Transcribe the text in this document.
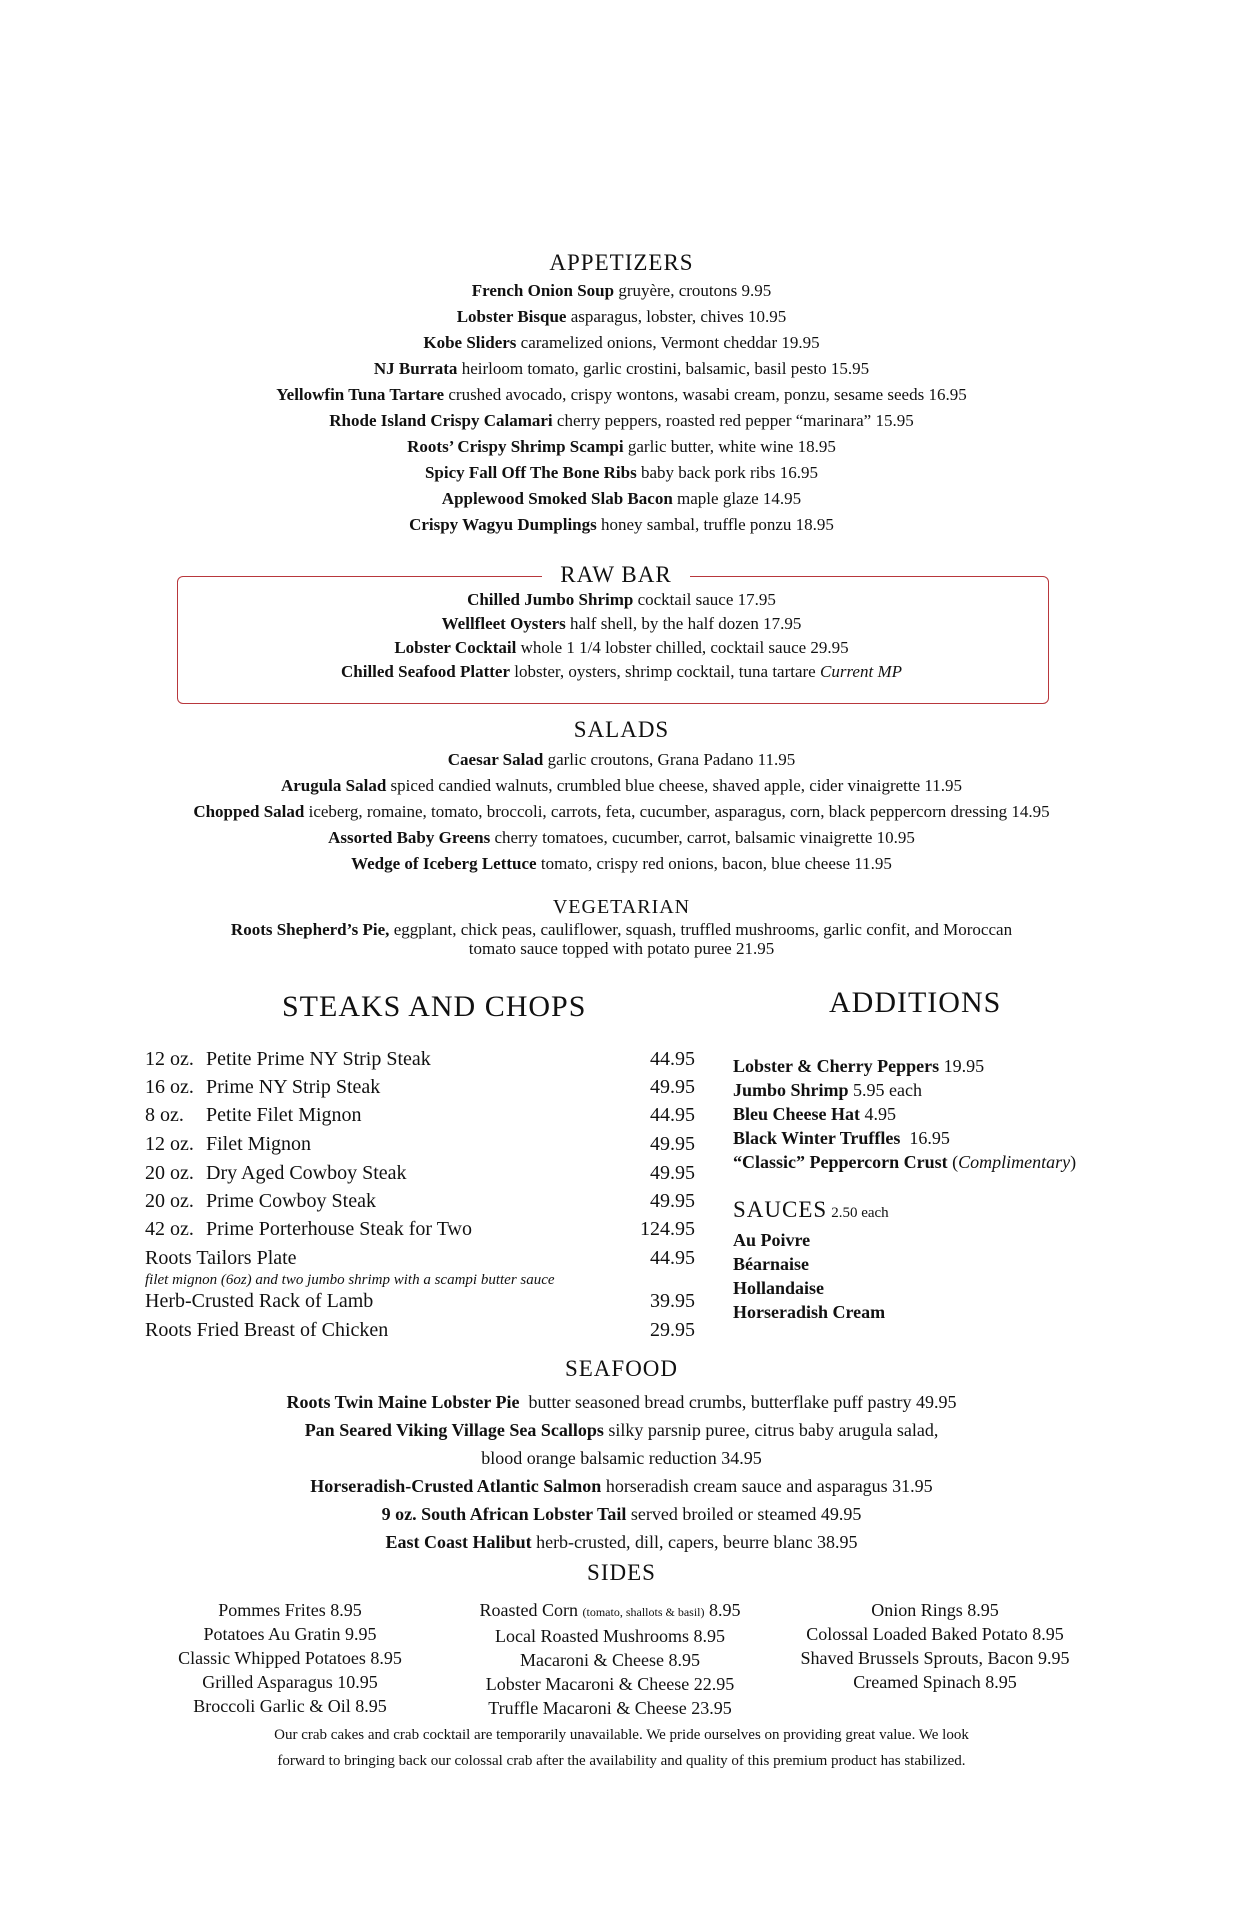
APPETIZERS
French Onion Soup gruyère, croutons 9.95
Lobster Bisque asparagus, lobster, chives 10.95
Kobe Sliders caramelized onions, Vermont cheddar 19.95
NJ Burrata heirloom tomato, garlic crostini, balsamic, basil pesto 15.95
Yellowfin Tuna Tartare crushed avocado, crispy wontons, wasabi cream, ponzu, sesame seeds 16.95
Rhode Island Crispy Calamari cherry peppers, roasted red pepper “marinara” 15.95
Roots’ Crispy Shrimp Scampi garlic butter, white wine 18.95
Spicy Fall Off The Bone Ribs baby back pork ribs 16.95
Applewood Smoked Slab Bacon maple glaze 14.95
Crispy Wagyu Dumplings honey sambal, truffle ponzu 18.95
RAW BAR
Chilled Jumbo Shrimp cocktail sauce 17.95
Wellfleet Oysters half shell, by the half dozen 17.95
Lobster Cocktail whole 1 1/4 lobster chilled, cocktail sauce 29.95
Chilled Seafood Platter lobster, oysters, shrimp cocktail, tuna tartare Current MP
SALADS
Caesar Salad garlic croutons, Grana Padano 11.95
Arugula Salad spiced candied walnuts, crumbled blue cheese, shaved apple, cider vinaigrette 11.95
Chopped Salad iceberg, romaine, tomato, broccoli, carrots, feta, cucumber, asparagus, corn, black peppercorn dressing 14.95
Assorted Baby Greens cherry tomatoes, cucumber, carrot, balsamic vinaigrette 10.95
Wedge of Iceberg Lettuce tomato, crispy red onions, bacon, blue cheese 11.95
VEGETARIAN
Roots Shepherd’s Pie, eggplant, chick peas, cauliflower, squash, truffled mushrooms, garlic confit, and Moroccan
tomato sauce topped with potato puree 21.95
STEAKS AND CHOPS
12 oz. Petite Prime NY Strip Steak	44.95
16 oz. Prime NY Strip Steak	49.95
8 oz. Petite Filet Mignon	44.95
12 oz. Filet Mignon	49.95
20 oz. Dry Aged Cowboy Steak	49.95
20 oz. Prime Cowboy Steak	49.95
42 oz. Prime Porterhouse Steak for Two	124.95
Roots Tailors Plate	44.95
filet mignon (6oz) and two jumbo shrimp with a scampi butter sauce
Herb-Crusted Rack of Lamb	39.95
Roots Fried Breast of Chicken	29.95
ADDITIONS
Lobster & Cherry Peppers 19.95
Jumbo Shrimp 5.95 each
Bleu Cheese Hat 4.95
Black Winter Truffles  16.95
“Classic” Peppercorn Crust (Complimentary)
SAUCES 2.50 each
Au Poivre
Béarnaise
Hollandaise
Horseradish Cream
SEAFOOD
Roots Twin Maine Lobster Pie  butter seasoned bread crumbs, butterflake puff pastry 49.95
Pan Seared Viking Village Sea Scallops silky parsnip puree, citrus baby arugula salad,
blood orange balsamic reduction 34.95
Horseradish-Crusted Atlantic Salmon horseradish cream sauce and asparagus 31.95
9 oz. South African Lobster Tail served broiled or steamed 49.95
East Coast Halibut herb-crusted, dill, capers, beurre blanc 38.95
SIDES
Pommes Frites 8.95
Potatoes Au Gratin 9.95
Classic Whipped Potatoes 8.95
Grilled Asparagus 10.95
Broccoli Garlic & Oil 8.95
Roasted Corn (tomato, shallots & basil) 8.95
Local Roasted Mushrooms 8.95
Macaroni & Cheese 8.95
Lobster Macaroni & Cheese 22.95
Truffle Macaroni & Cheese 23.95
Onion Rings 8.95
Colossal Loaded Baked Potato 8.95
Shaved Brussels Sprouts, Bacon 9.95
Creamed Spinach 8.95
Our crab cakes and crab cocktail are temporarily unavailable. We pride ourselves on providing great value. We look
forward to bringing back our colossal crab after the availability and quality of this premium product has stabilized.
